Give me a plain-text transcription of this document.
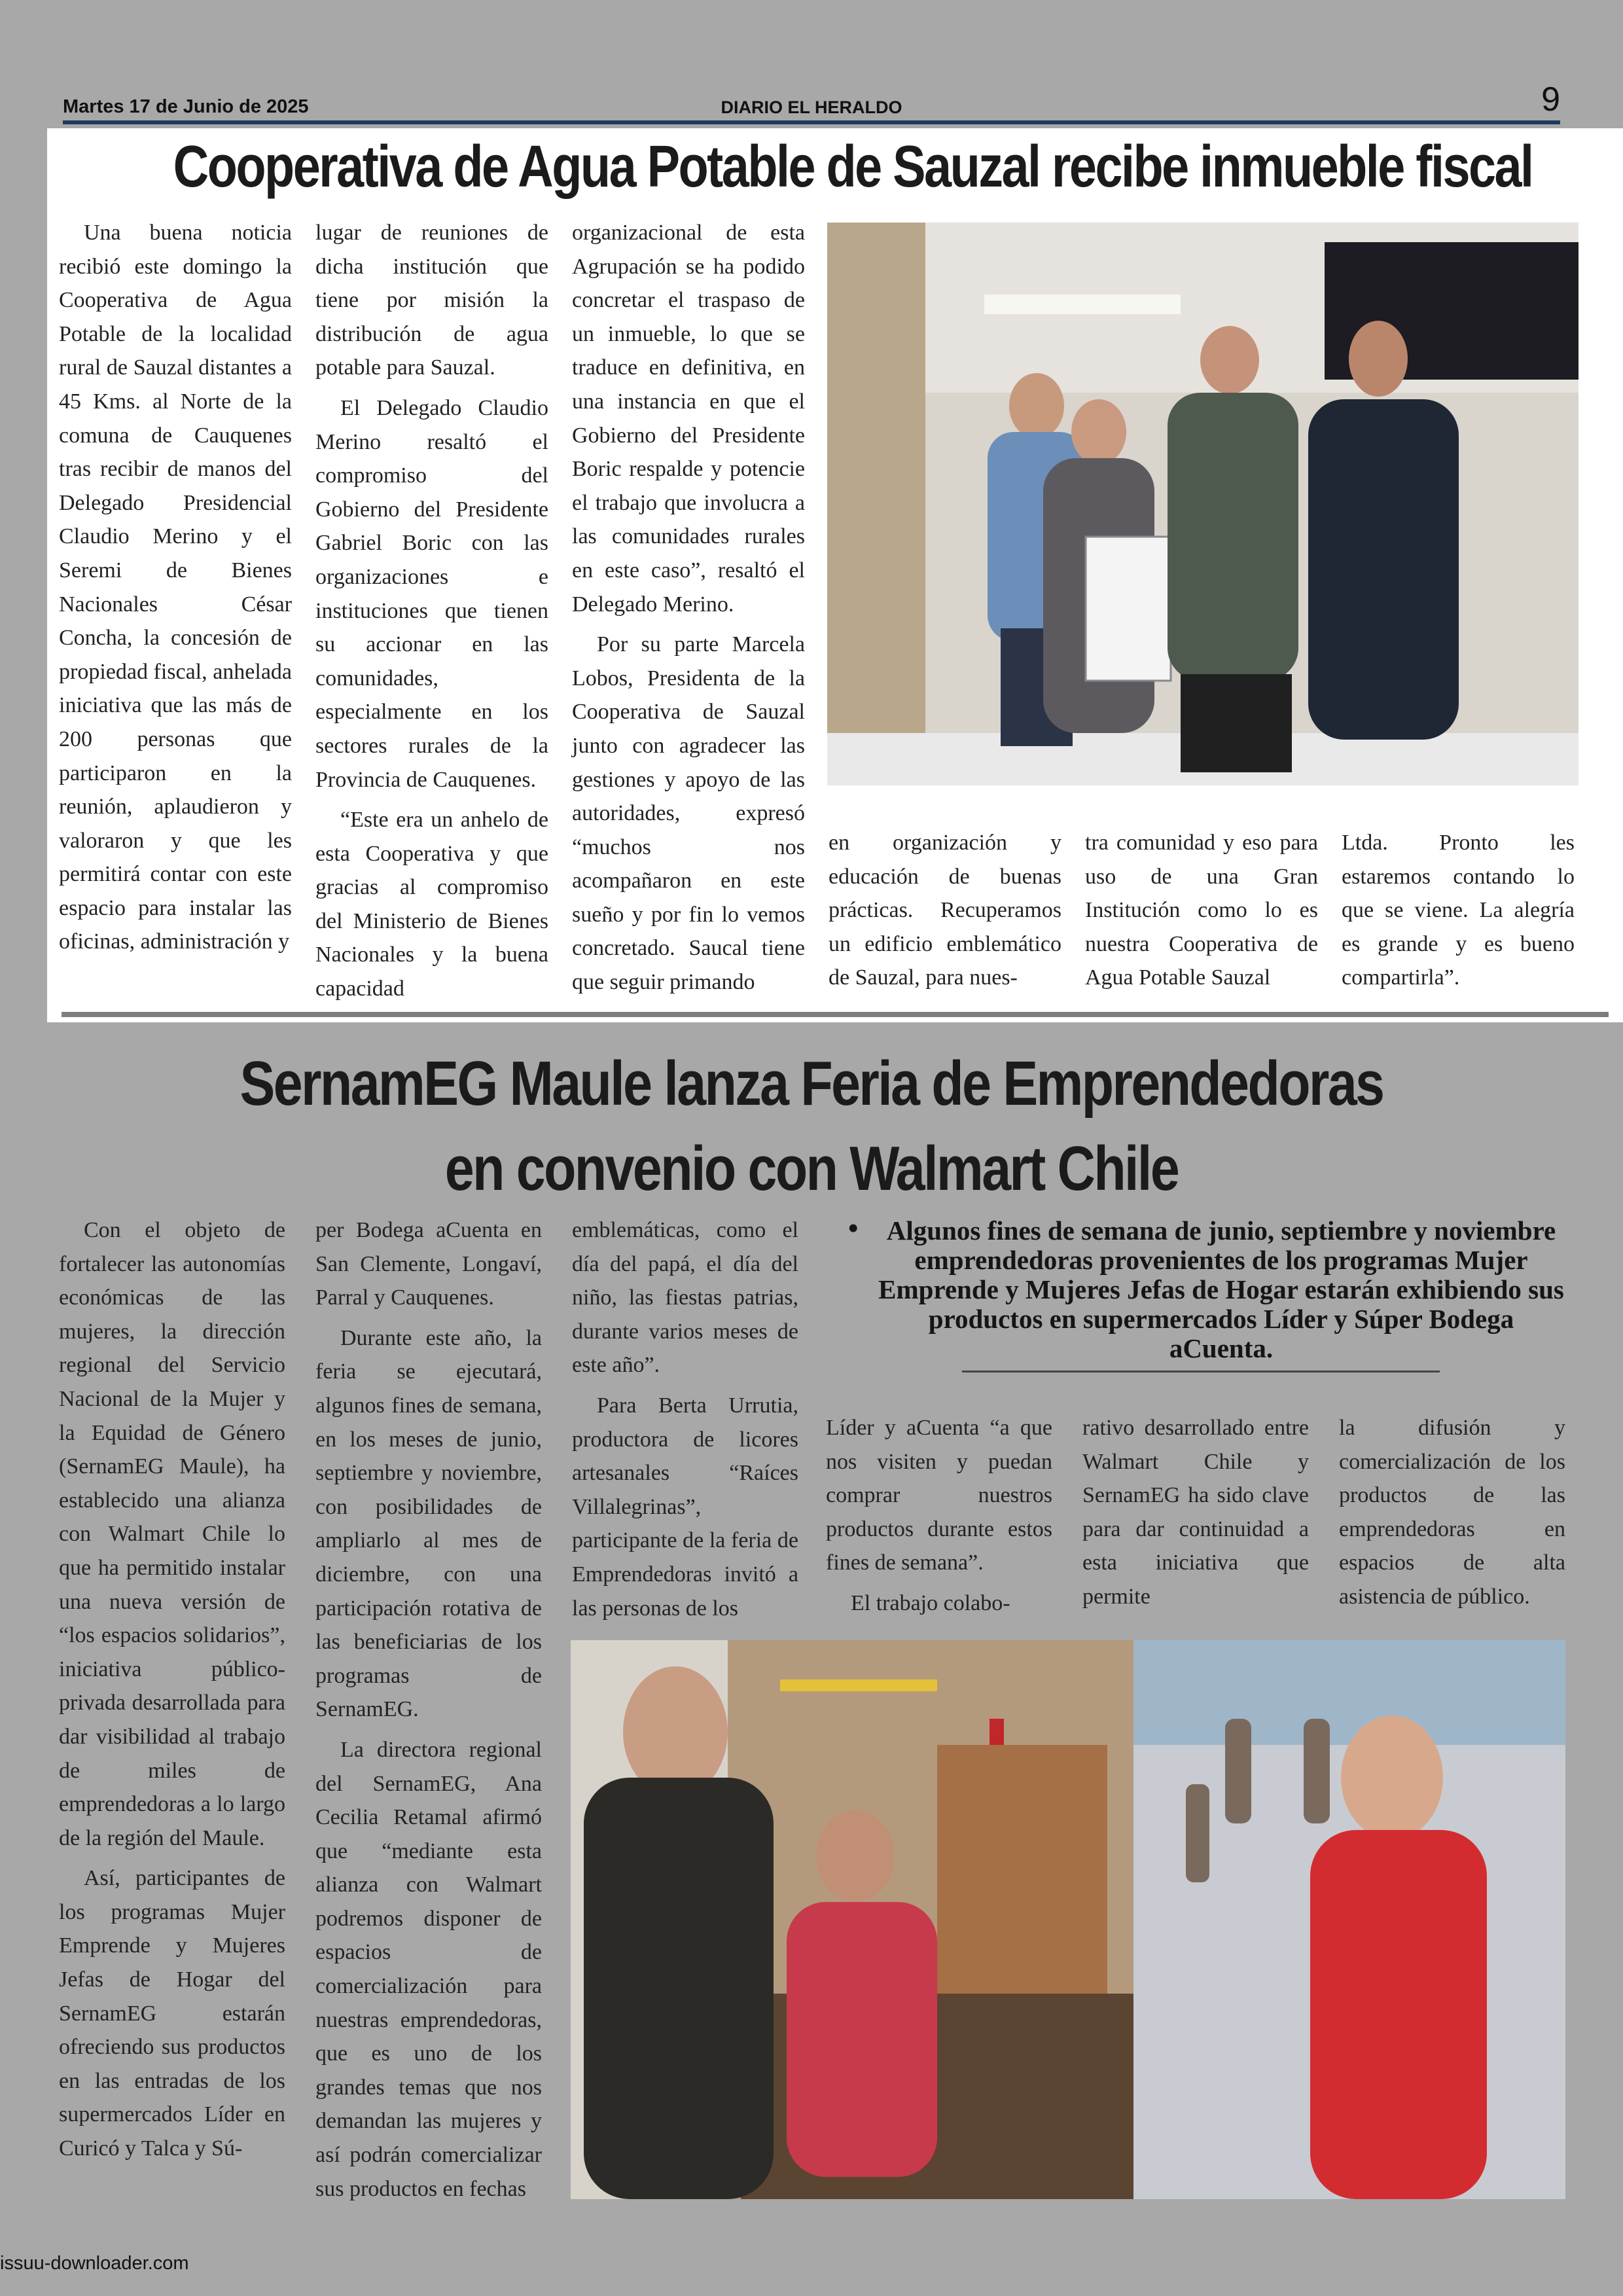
Martes 17 de Junio de 2025	DIARIO EL HERALDO	9
Cooperativa de Agua Potable de Sauzal recibe inmueble fiscal

Una buena noticia recibió este domingo la Cooperativa de Agua Potable de la localidad rural de Sauzal distantes a 45 Kms. al Norte de la comuna de Cauquenes tras recibir de manos del Delegado Presidencial Claudio Merino y el Seremi de Bienes Nacionales César Concha, la concesión de propiedad fiscal, anhelada iniciativa que las más de 200 personas que participaron en la reunión, aplaudieron y valoraron y que les permitirá contar con este espacio para instalar las oficinas, administración y

lugar de reuniones de dicha institución que tiene por misión la distribución de agua potable para Sauzal.

El Delegado Claudio Merino resaltó el compromiso del Gobierno del Presidente Gabriel Boric con las organizaciones e instituciones que tienen su accionar en las comunidades, especialmente en los sectores rurales de la Provincia de Cauquenes.

“Este era un anhelo de esta Cooperativa y que gracias al compromiso del Ministerio de Bienes Nacionales y la buena capacidad

organizacional de esta Agrupación se ha podido concretar el traspaso de un inmueble, lo que se traduce en definitiva, en una instancia en que el Gobierno del Presidente Boric respalde y potencie el trabajo que involucra a las comunidades rurales en este caso”, resaltó el Delegado Merino.

Por su parte Marcela Lobos, Presidenta de la Cooperativa de Sauzal junto con agradecer las gestiones y apoyo de las autoridades, expresó “muchos nos acompañaron en este sueño y por fin lo vemos concretado. Saucal tiene que seguir primando

en organización y educación de buenas prácticas. Recuperamos un edificio emblemático de Sauzal, para nues-

tra comunidad y eso para uso de una Gran Institución como lo es nuestra Cooperativa de Agua Potable Sauzal

Ltda. Pronto les estaremos contando lo que se viene. La alegría es grande y es bueno compartirla”.

SernamEG Maule lanza Feria de Emprendedoras
en convenio con Walmart Chile

Con el objeto de fortalecer las autonomías económicas de las mujeres, la dirección regional del Servicio Nacional de la Mujer y la Equidad de Género (SernamEG Maule), ha establecido una alianza con Walmart Chile lo que ha permitido instalar una nueva versión de “los espacios solidarios”, iniciativa público-privada desarrollada para dar visibilidad al trabajo de miles de emprendedoras a lo largo de la región del Maule.

Así, participantes de los programas Mujer Emprende y Mujeres Jefas de Hogar del SernamEG estarán ofreciendo sus productos en las entradas de los supermercados Líder en Curicó y Talca y Sú-

per Bodega aCuenta en San Clemente, Longaví, Parral y Cauquenes.

Durante este año, la feria se ejecutará, algunos fines de semana, en los meses de junio, septiembre y noviembre, con posibilidades de ampliarlo al mes de diciembre, con una participación rotativa de las beneficiarias de los programas de SernamEG.

La directora regional del SernamEG, Ana Cecilia Retamal afirmó que “mediante esta alianza con Walmart podremos disponer de espacios de comercialización para nuestras emprendedoras, que es uno de los grandes temas que nos demandan las mujeres y así podrán comercializar sus productos en fechas

emblemáticas, como el día del papá, el día del niño, las fiestas patrias, durante varios meses de este año”.

Para Berta Urrutia, productora de licores artesanales “Raíces Villalegrinas”, participante de la feria de Emprendedoras invitó a las personas de los

•	Algunos fines de semana de junio, septiembre y noviembre emprendedoras provenientes de los programas Mujer Emprende y Mujeres Jefas de Hogar estarán exhibiendo sus productos en supermercados Líder y Súper Bodega aCuenta.

Líder y aCuenta “a que nos visiten y puedan comprar nuestros productos durante estos fines de semana”.

El trabajo colabo-

rativo desarrollado entre Walmart Chile y SernamEG ha sido clave para dar continuidad a esta iniciativa que permite

la difusión y comercialización de los productos de las emprendedoras en espacios de alta asistencia de público.

issuu-downloader.com
